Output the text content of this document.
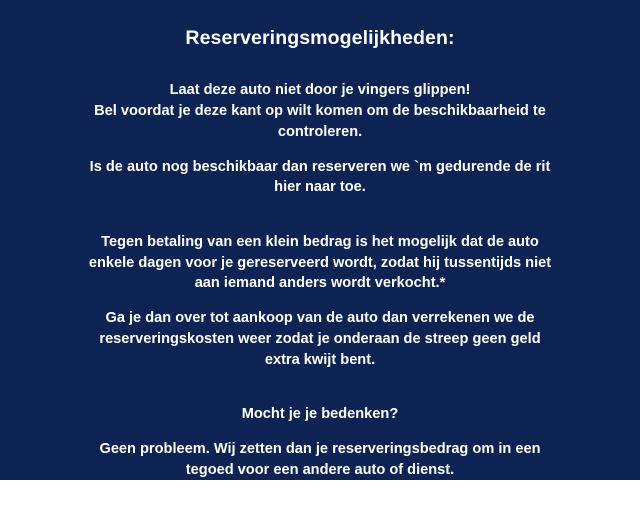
Reserveringsmogelijkheden:
Laat deze auto niet door je vingers glippen!
Bel voordat je deze kant op wilt komen om de beschikbaarheid te
controleren.
Is de auto nog beschikbaar dan reserveren we `m gedurende de rit
hier naar toe.
Tegen betaling van een klein bedrag is het mogelijk dat de auto
enkele dagen voor je gereserveerd wordt, zodat hij tussentijds niet
aan iemand anders wordt verkocht.*
Ga je dan over tot aankoop van de auto dan verrekenen we de
reserveringskosten weer zodat je onderaan de streep geen geld
extra kwijt bent.
Mocht je je bedenken?
Geen probleem. Wij zetten dan je reserveringsbedrag om in een
tegoed voor een andere auto of dienst.
*neem contact op voor de voorwaarden / mogelijkheden.
